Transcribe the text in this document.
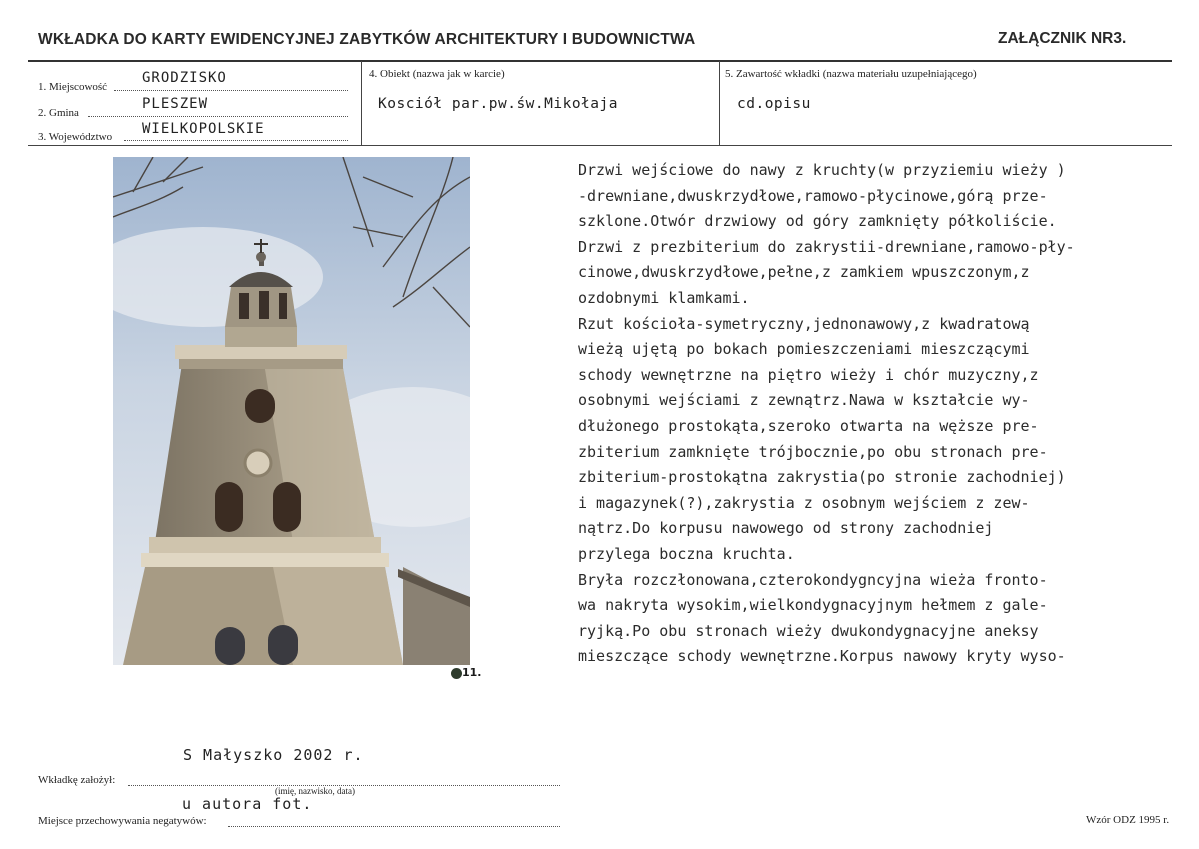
WKŁADKA DO KARTY EWIDENCYJNEJ ZABYTKÓW ARCHITEKTURY I BUDOWNICTWA	ZAŁĄCZNIK NR3.
1. Miejscowość
GRODZISKO
2. Gmina
PLESZEW
3. Województwo WIELKOPOLSKIE
4. Obiekt (nazwa jak w karcie)
Kosciół par.pw.św.Mikołaja
5. Zawartość wkładki (nazwa materiału uzupełniającego)
cd.opisu
11.
Drzwi wejściowe do nawy z kruchty(w przyziemiu wieży )
-drewniane,dwuskrzydłowe,ramowo-płycinowe,górą prze-
szklone.Otwór drzwiowy od góry zamknięty półkoliście.
Drzwi z prezbiterium do zakrystii-drewniane,ramowo-pły-
cinowe,dwuskrzydłowe,pełne,z zamkiem wpuszczonym,z
ozdobnymi klamkami.
Rzut kościoła-symetryczny,jednonawowy,z kwadratową
wieżą ujętą po bokach pomieszczeniami mieszczącymi
schody wewnętrzne na piętro wieży i chór muzyczny,z
osobnymi wejściami z zewnątrz.Nawa w kształcie wy-
dłużonego prostokąta,szeroko otwarta na węższe pre-
zbiterium zamknięte trójbocznie,po obu stronach pre-
zbiterium-prostokątna zakrystia(po stronie zachodniej)
i magazynek(?),zakrystia z osobnym wejściem z zew-
nątrz.Do korpusu nawowego od strony zachodniej
przylega boczna kruchta.
Bryła rozczłonowana,czterokondygncyjna wieża fronto-
wa nakryta wysokim,wielkondygnacyjnym hełmem z gale-
ryjką.Po obu stronach wieży dwukondygnacyjne aneksy
mieszczące schody wewnętrzne.Korpus nawowy kryty wyso-
S Małyszko 2002 r.
Wkładkę założył:
(imię, nazwisko, data)
u autora fot.
Miejsce przechowywania negatywów:	Wzór ODZ 1995 r.
